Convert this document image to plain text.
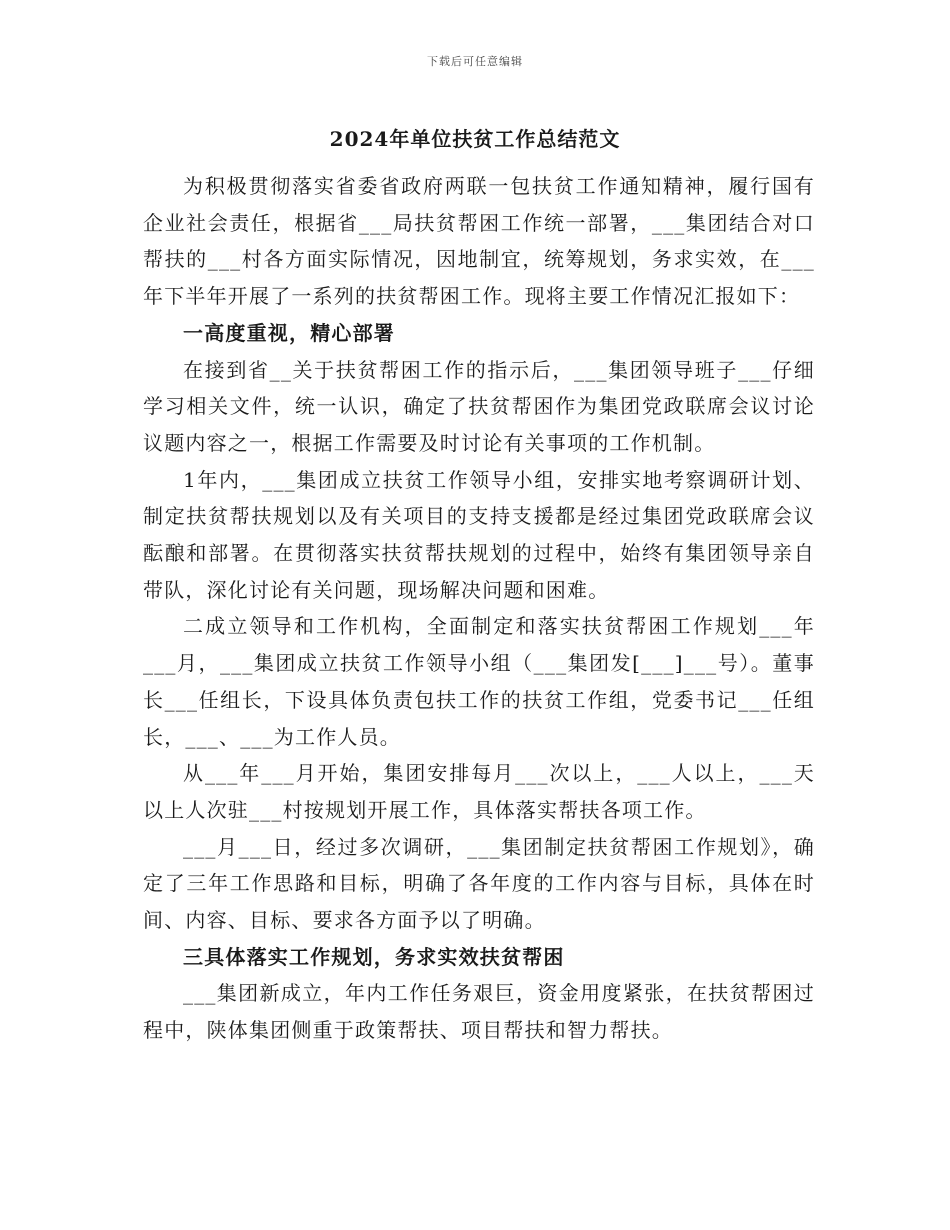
下载后可任意编辑
2024年单位扶贫工作总结范文

为积极贯彻落实省委省政府两联一包扶贫工作通知精神，履行国有企业社会责任，根据省___局扶贫帮困工作统一部署，___集团结合对口帮扶的___村各方面实际情况，因地制宜，统筹规划，务求实效，在___年下半年开展了一系列的扶贫帮困工作。现将主要工作情况汇报如下：

一高度重视，精心部署

在接到省__关于扶贫帮困工作的指示后，___集团领导班子___仔细学习相关文件，统一认识，确定了扶贫帮困作为集团党政联席会议讨论议题内容之一，根据工作需要及时讨论有关事项的工作机制。

1年内，___集团成立扶贫工作领导小组，安排实地考察调研计划、制定扶贫帮扶规划以及有关项目的支持支援都是经过集团党政联席会议酝酿和部署。在贯彻落实扶贫帮扶规划的过程中，始终有集团领导亲自带队，深化讨论有关问题，现场解决问题和困难。

二成立领导和工作机构，全面制定和落实扶贫帮困工作规划___年___月，___集团成立扶贫工作领导小组（___集团发[___]___号）。董事长___任组长，下设具体负责包扶工作的扶贫工作组，党委书记___任组长，___、___为工作人员。

从___年___月开始，集团安排每月___次以上，___人以上，___天以上人次驻___村按规划开展工作，具体落实帮扶各项工作。

___月___日，经过多次调研，___集团制定扶贫帮困工作规划》，确定了三年工作思路和目标，明确了各年度的工作内容与目标，具体在时间、内容、目标、要求各方面予以了明确。

三具体落实工作规划，务求实效扶贫帮困

___集团新成立，年内工作任务艰巨，资金用度紧张，在扶贫帮困过程中，陕体集团侧重于政策帮扶、项目帮扶和智力帮扶。
